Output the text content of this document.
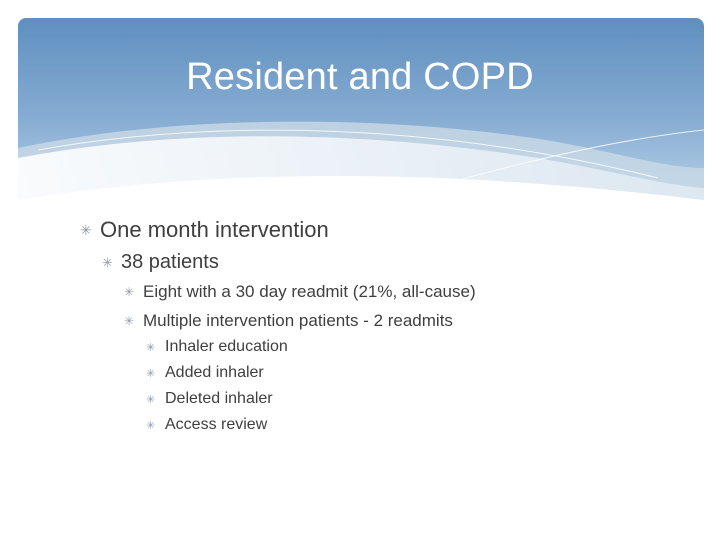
Resident and COPD
✳ One month intervention
✳ 38 patients
✳ Eight with a 30 day readmit (21%, all-cause)
✳ Multiple intervention patients - 2 readmits
✳ Inhaler education
✳ Added inhaler
✳ Deleted inhaler
✳ Access review
